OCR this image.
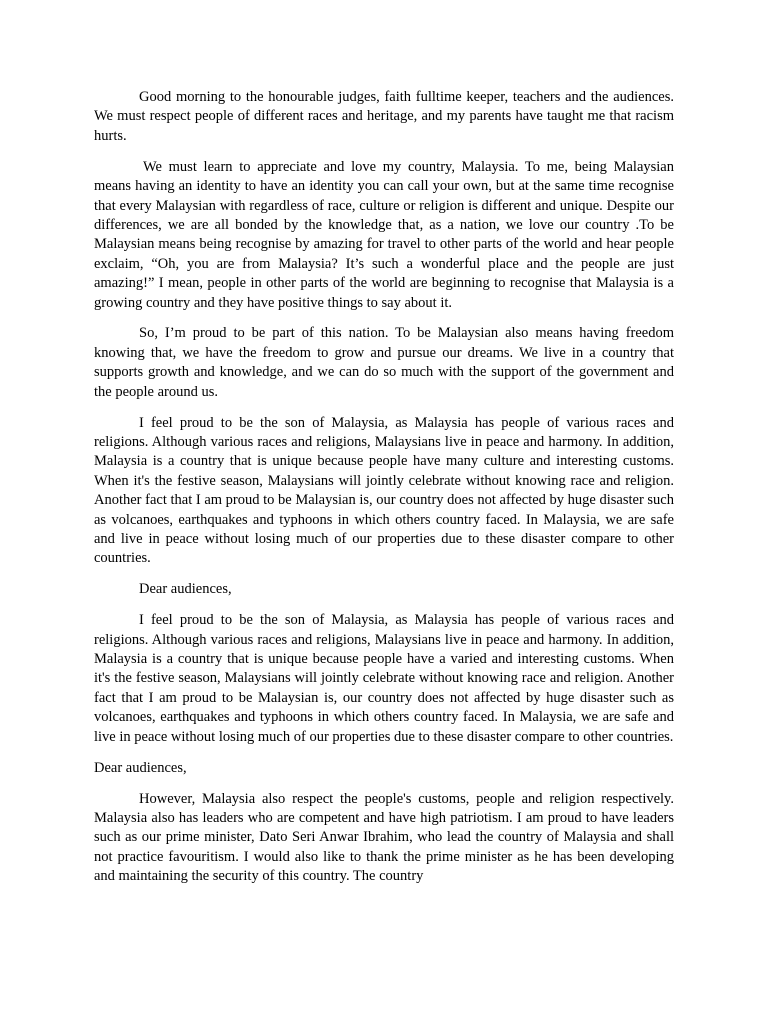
Good morning to the honourable judges, faith fulltime keeper, teachers and the audiences. We must respect people of different races and heritage, and my parents have taught me that racism hurts.

We must learn to appreciate and love my country, Malaysia. To me, being Malaysian means having an identity to have an identity you can call your own, but at the same time recognise that every Malaysian with regardless of race, culture or religion is different and unique. Despite our differences, we are all bonded by the knowledge that, as a nation, we love our country .To be Malaysian means being recognise by amazing for travel to other parts of the world and hear people exclaim, “Oh, you are from Malaysia? It’s such a wonderful place and the people are just amazing!” I mean, people in other parts of the world are beginning to recognise that Malaysia is a growing country and they have positive things to say about it.

So, I’m proud to be part of this nation. To be Malaysian also means having freedom knowing that, we have the freedom to grow and pursue our dreams. We live in a country that supports growth and knowledge, and we can do so much with the support of the government and the people around us.

I feel proud to be the son of Malaysia, as Malaysia has people of various races and religions. Although various races and religions, Malaysians live in peace and harmony. In addition, Malaysia is a country that is unique because people have many culture and interesting customs. When it's the festive season, Malaysians will jointly celebrate without knowing race and religion. Another fact that I am proud to be Malaysian is, our country does not affected by huge disaster such as volcanoes, earthquakes and typhoons in which others country faced. In Malaysia, we are safe and live in peace without losing much of our properties due to these disaster compare to other countries.

Dear audiences,

I feel proud to be the son of Malaysia, as Malaysia has people of various races and religions. Although various races and religions, Malaysians live in peace and harmony. In addition, Malaysia is a country that is unique because people have a varied and interesting customs. When it's the festive season, Malaysians will jointly celebrate without knowing race and religion. Another fact that I am proud to be Malaysian is, our country does not affected by huge disaster such as volcanoes, earthquakes and typhoons in which others country faced. In Malaysia, we are safe and live in peace without losing much of our properties due to these disaster compare to other countries.

Dear audiences,

However, Malaysia also respect the people's customs, people and religion respectively. Malaysia also has leaders who are competent and have high patriotism. I am proud to have leaders such as our prime minister, Dato Seri Anwar Ibrahim, who lead the country of Malaysia and shall not practice favouritism. I would also like to thank the prime minister as he has been developing and maintaining the security of this country. The country
